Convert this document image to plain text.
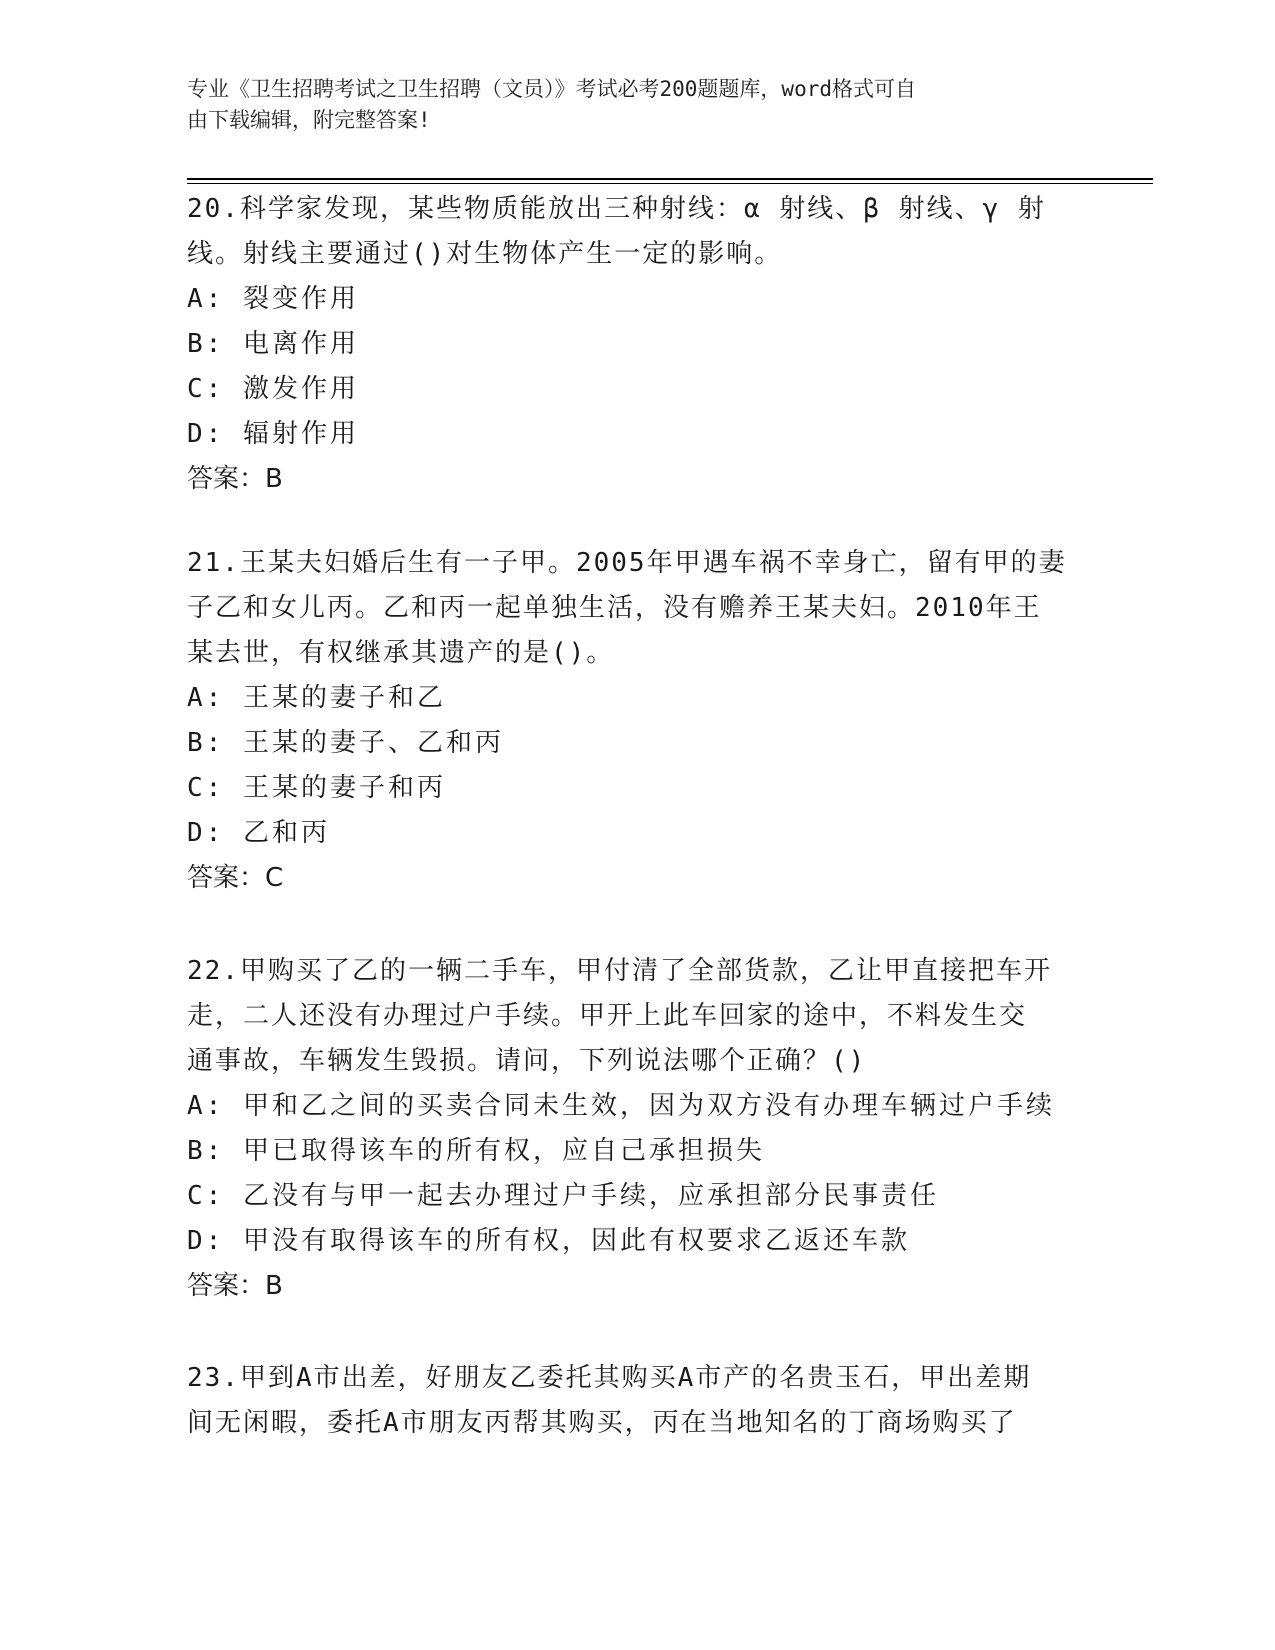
专业《卫生招聘考试之卫生招聘（文员）》考试必考200题题库，word格式可自
由下载编辑，附完整答案!
20.科学家发现，某些物质能放出三种射线：α 射线、β 射线、γ 射
线。射线主要通过()对生物体产生一定的影响。
A: 裂变作用
B: 电离作用
C: 激发作用
D: 辐射作用
答案：B
21.王某夫妇婚后生有一子甲。2005年甲遇车祸不幸身亡，留有甲的妻
子乙和女儿丙。乙和丙一起单独生活，没有赡养王某夫妇。2010年王
某去世，有权继承其遗产的是()。
A: 王某的妻子和乙
B: 王某的妻子、乙和丙
C: 王某的妻子和丙
D: 乙和丙
答案：C
22.甲购买了乙的一辆二手车，甲付清了全部货款，乙让甲直接把车开
走，二人还没有办理过户手续。甲开上此车回家的途中，不料发生交
通事故，车辆发生毁损。请问，下列说法哪个正确？()
A: 甲和乙之间的买卖合同未生效，因为双方没有办理车辆过户手续
B: 甲已取得该车的所有权，应自己承担损失
C: 乙没有与甲一起去办理过户手续，应承担部分民事责任
D: 甲没有取得该车的所有权，因此有权要求乙返还车款
答案：B
23.甲到A市出差，好朋友乙委托其购买A市产的名贵玉石，甲出差期
间无闲暇，委托A市朋友丙帮其购买，丙在当地知名的丁商场购买了
